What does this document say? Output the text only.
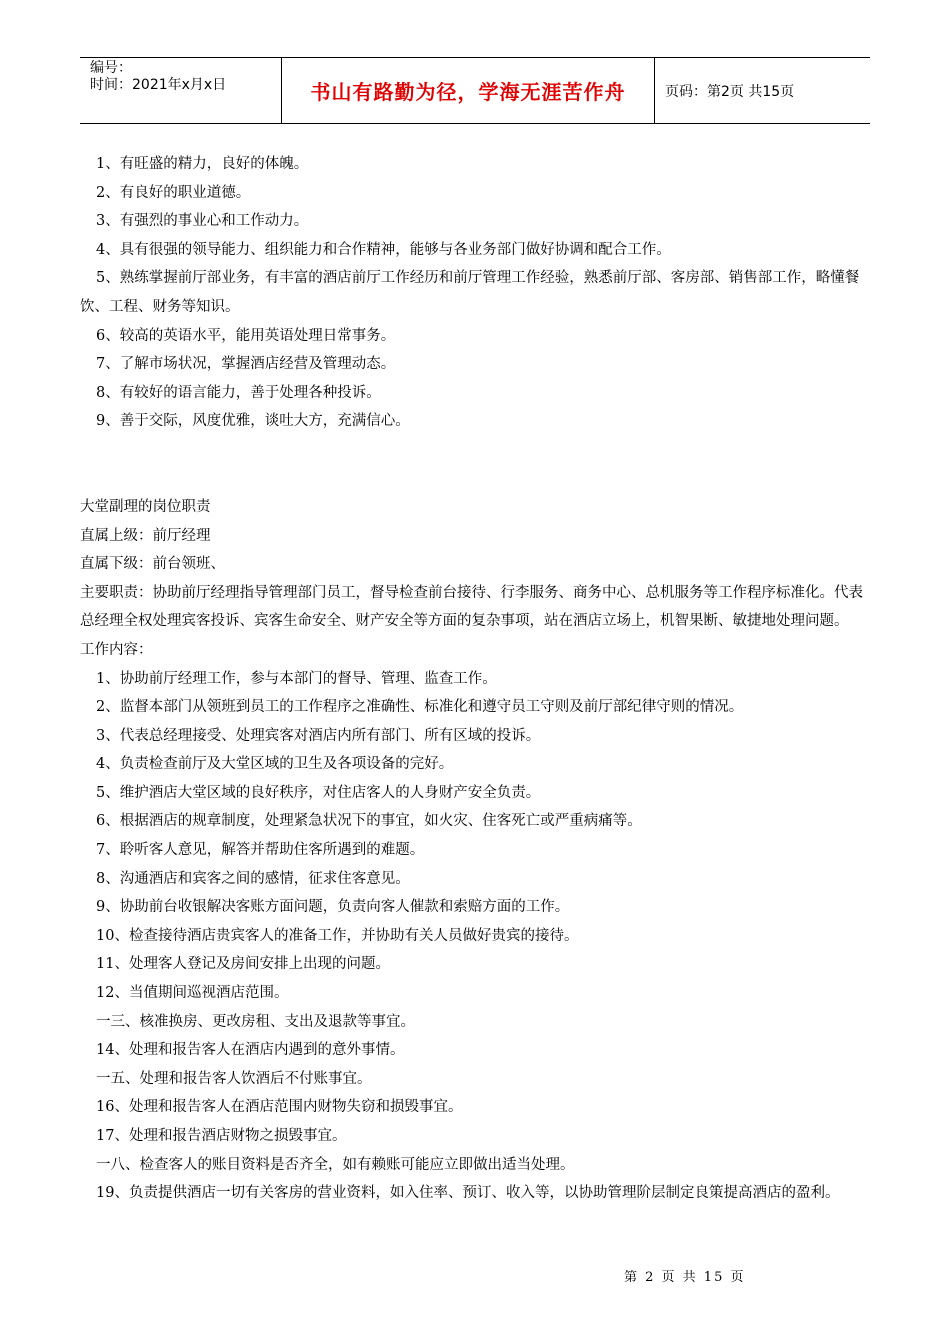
编号：
时间：2021年x月x日	书山有路勤为径，学海无涯苦作舟	页码：第2页 共15页

1、有旺盛的精力，良好的体魄。

2、有良好的职业道德。

3、有强烈的事业心和工作动力。

4、具有很强的领导能力、组织能力和合作精神，能够与各业务部门做好协调和配合工作。

5、熟练掌握前厅部业务，有丰富的酒店前厅工作经历和前厅管理工作经验，熟悉前厅部、客房部、销售部工作，略懂餐饮、工程、财务等知识。

6、较高的英语水平，能用英语处理日常事务。

7、了解市场状况，掌握酒店经营及管理动态。

8、有较好的语言能力，善于处理各种投诉。

9、善于交际，风度优雅，谈吐大方，充满信心。

大堂副理的岗位职责

直属上级：前厅经理

直属下级：前台领班、

主要职责：协助前厅经理指导管理部门员工，督导检查前台接待、行李服务、商务中心、总机服务等工作程序标准化。代表总经理全权处理宾客投诉、宾客生命安全、财产安全等方面的复杂事项，站在酒店立场上，机智果断、敏捷地处理问题。

工作内容：

1、协助前厅经理工作，参与本部门的督导、管理、监查工作。

2、监督本部门从领班到员工的工作程序之准确性、标准化和遵守员工守则及前厅部纪律守则的情况。

3、代表总经理接受、处理宾客对酒店内所有部门、所有区域的投诉。

4、负责检查前厅及大堂区域的卫生及各项设备的完好。

5、维护酒店大堂区域的良好秩序，对住店客人的人身财产安全负责。

6、根据酒店的规章制度，处理紧急状况下的事宜，如火灾、住客死亡或严重病痛等。

7、聆听客人意见，解答并帮助住客所遇到的难题。

8、沟通酒店和宾客之间的感情，征求住客意见。

9、协助前台收银解决客账方面问题，负责向客人催款和索赔方面的工作。

10、检查接待酒店贵宾客人的准备工作，并协助有关人员做好贵宾的接待。

11、处理客人登记及房间安排上出现的问题。

12、当值期间巡视酒店范围。

一三、核准换房、更改房租、支出及退款等事宜。

14、处理和报告客人在酒店内遇到的意外事情。

一五、处理和报告客人饮酒后不付账事宜。

16、处理和报告客人在酒店范围内财物失窃和损毁事宜。

17、处理和报告酒店财物之损毁事宜。

一八、检查客人的账目资料是否齐全，如有赖账可能应立即做出适当处理。

19、负责提供酒店一切有关客房的营业资料，如入住率、预订、收入等，以协助管理阶层制定良策提高酒店的盈利。

第 2 页 共 15 页
